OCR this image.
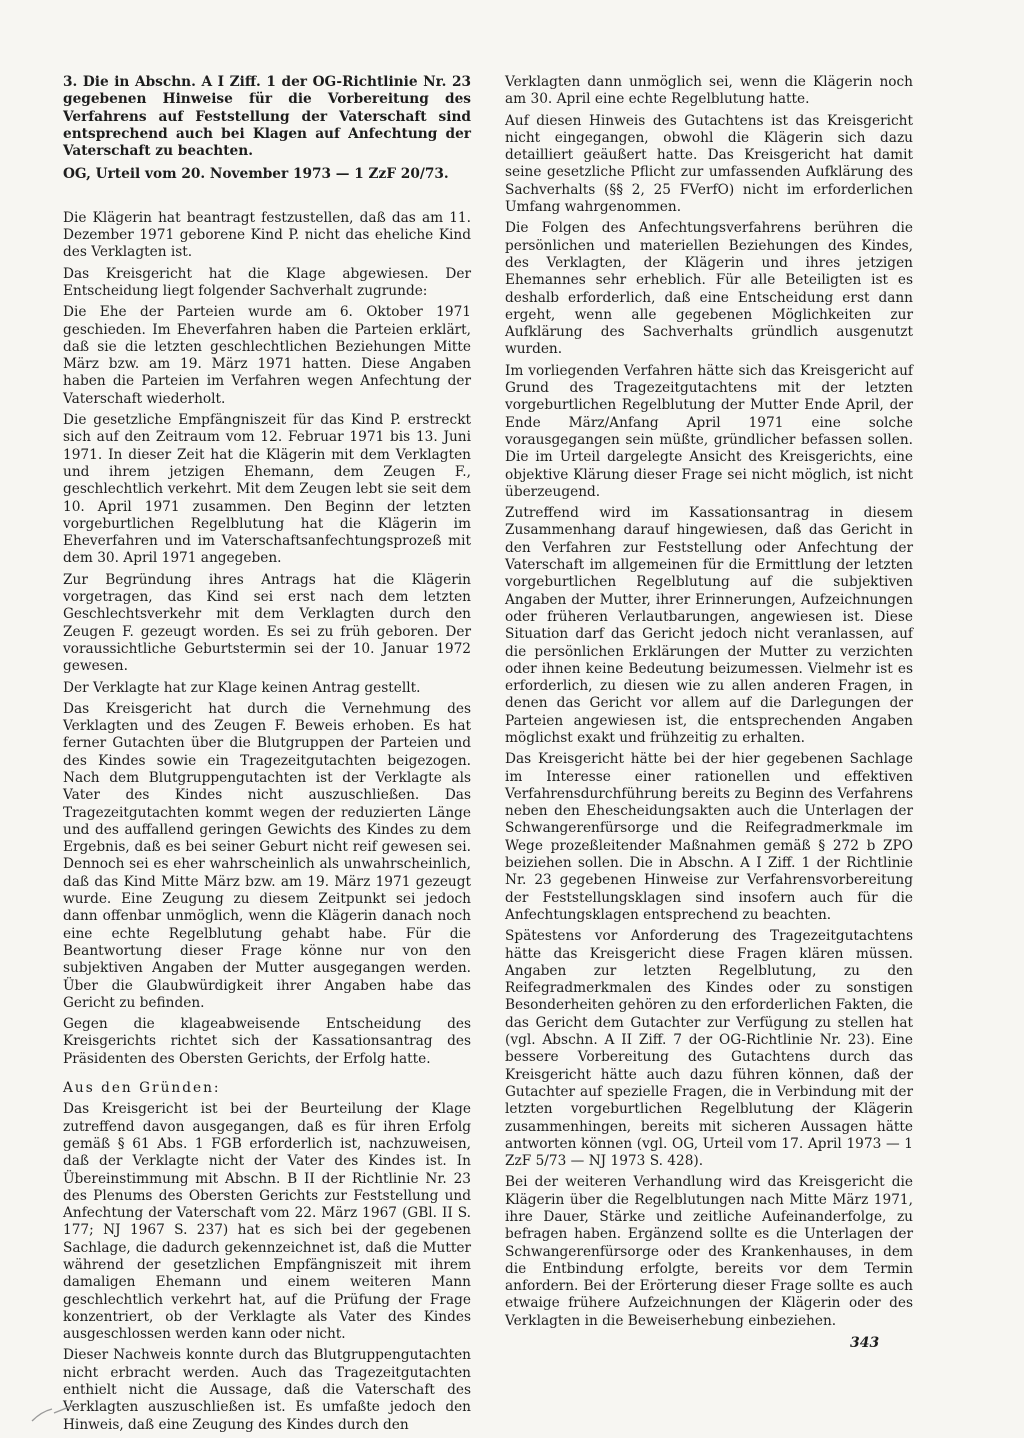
3. Die in Abschn. A I Ziff. 1 der OG-Richtlinie Nr. 23 gegebenen Hinweise für die Vorbereitung des Verfahrens auf Feststellung der Vaterschaft sind entsprechend auch bei Klagen auf Anfechtung der Vaterschaft zu beachten.

OG, Urteil vom 20. November 1973 — 1 ZzF 20/73.

Die Klägerin hat beantragt festzustellen, daß das am 11. Dezember 1971 geborene Kind P. nicht das eheliche Kind des Verklagten ist.

Das Kreisgericht hat die Klage abgewiesen. Der Entscheidung liegt folgender Sachverhalt zugrunde:

Die Ehe der Parteien wurde am 6. Oktober 1971 geschieden. Im Eheverfahren haben die Parteien erklärt, daß sie die letzten geschlechtlichen Beziehungen Mitte März bzw. am 19. März 1971 hatten. Diese Angaben haben die Parteien im Verfahren wegen Anfechtung der Vaterschaft wiederholt.

Die gesetzliche Empfängniszeit für das Kind P. erstreckt sich auf den Zeitraum vom 12. Februar 1971 bis 13. Juni 1971. In dieser Zeit hat die Klägerin mit dem Verklagten und ihrem jetzigen Ehemann, dem Zeugen F., geschlechtlich verkehrt. Mit dem Zeugen lebt sie seit dem 10. April 1971 zusammen. Den Beginn der letzten vorgeburtlichen Regelblutung hat die Klägerin im Eheverfahren und im Vaterschaftsanfechtungsprozeß mit dem 30. April 1971 angegeben.

Zur Begründung ihres Antrags hat die Klägerin vorgetragen, das Kind sei erst nach dem letzten Geschlechtsverkehr mit dem Verklagten durch den Zeugen F. gezeugt worden. Es sei zu früh geboren. Der voraussichtliche Geburtstermin sei der 10. Januar 1972 gewesen.

Der Verklagte hat zur Klage keinen Antrag gestellt.

Das Kreisgericht hat durch die Vernehmung des Verklagten und des Zeugen F. Beweis erhoben. Es hat ferner Gutachten über die Blutgruppen der Parteien und des Kindes sowie ein Tragezeitgutachten beigezogen. Nach dem Blutgruppengutachten ist der Verklagte als Vater des Kindes nicht auszuschließen. Das Tragezeitgutachten kommt wegen der reduzierten Länge und des auffallend geringen Gewichts des Kindes zu dem Ergebnis, daß es bei seiner Geburt nicht reif gewesen sei. Dennoch sei es eher wahrscheinlich als unwahrscheinlich, daß das Kind Mitte März bzw. am 19. März 1971 gezeugt wurde. Eine Zeugung zu diesem Zeitpunkt sei jedoch dann offenbar unmöglich, wenn die Klägerin danach noch eine echte Regelblutung gehabt habe. Für die Beantwortung dieser Frage könne nur von den subjektiven Angaben der Mutter ausgegangen werden. Über die Glaubwürdigkeit ihrer Angaben habe das Gericht zu befinden.

Gegen die klageabweisende Entscheidung des Kreisgerichts richtet sich der Kassationsantrag des Präsidenten des Obersten Gerichts, der Erfolg hatte.

Aus den Gründen:

Das Kreisgericht ist bei der Beurteilung der Klage zutreffend davon ausgegangen, daß es für ihren Erfolg gemäß § 61 Abs. 1 FGB erforderlich ist, nachzuweisen, daß der Verklagte nicht der Vater des Kindes ist. In Übereinstimmung mit Abschn. B II der Richtlinie Nr. 23 des Plenums des Obersten Gerichts zur Feststellung und Anfechtung der Vaterschaft vom 22. März 1967 (GBl. II S. 177; NJ 1967 S. 237) hat es sich bei der gegebenen Sachlage, die dadurch gekennzeichnet ist, daß die Mutter während der gesetzlichen Empfängniszeit mit ihrem damaligen Ehemann und einem weiteren Mann geschlechtlich verkehrt hat, auf die Prüfung der Frage konzentriert, ob der Verklagte als Vater des Kindes ausgeschlossen werden kann oder nicht.

Dieser Nachweis konnte durch das Blutgruppengutachten nicht erbracht werden. Auch das Tragezeitgutachten enthielt nicht die Aussage, daß die Vaterschaft des Verklagten auszuschließen ist. Es umfaßte jedoch den Hinweis, daß eine Zeugung des Kindes durch den

Verklagten dann unmöglich sei, wenn die Klägerin noch am 30. April eine echte Regelblutung hatte.

Auf diesen Hinweis des Gutachtens ist das Kreisgericht nicht eingegangen, obwohl die Klägerin sich dazu detailliert geäußert hatte. Das Kreisgericht hat damit seine gesetzliche Pflicht zur umfassenden Aufklärung des Sachverhalts (§§ 2, 25 FVerfO) nicht im erforderlichen Umfang wahrgenommen.

Die Folgen des Anfechtungsverfahrens berühren die persönlichen und materiellen Beziehungen des Kindes, des Verklagten, der Klägerin und ihres jetzigen Ehemannes sehr erheblich. Für alle Beteiligten ist es deshalb erforderlich, daß eine Entscheidung erst dann ergeht, wenn alle gegebenen Möglichkeiten zur Aufklärung des Sachverhalts gründlich ausgenutzt wurden.

Im vorliegenden Verfahren hätte sich das Kreisgericht auf Grund des Tragezeitgutachtens mit der letzten vorgeburtlichen Regelblutung der Mutter Ende April, der Ende März/Anfang April 1971 eine solche vorausgegangen sein müßte, gründlicher befassen sollen. Die im Urteil dargelegte Ansicht des Kreisgerichts, eine objektive Klärung dieser Frage sei nicht möglich, ist nicht überzeugend.

Zutreffend wird im Kassationsantrag in diesem Zusammenhang darauf hingewiesen, daß das Gericht in den Verfahren zur Feststellung oder Anfechtung der Vaterschaft im allgemeinen für die Ermittlung der letzten vorgeburtlichen Regelblutung auf die subjektiven Angaben der Mutter, ihrer Erinnerungen, Aufzeichnungen oder früheren Verlautbarungen, angewiesen ist. Diese Situation darf das Gericht jedoch nicht veranlassen, auf die persönlichen Erklärungen der Mutter zu verzichten oder ihnen keine Bedeutung beizumessen. Vielmehr ist es erforderlich, zu diesen wie zu allen anderen Fragen, in denen das Gericht vor allem auf die Darlegungen der Parteien angewiesen ist, die entsprechenden Angaben möglichst exakt und frühzeitig zu erhalten.

Das Kreisgericht hätte bei der hier gegebenen Sachlage im Interesse einer rationellen und effektiven Verfahrensdurchführung bereits zu Beginn des Verfahrens neben den Ehescheidungsakten auch die Unterlagen der Schwangerenfürsorge und die Reifegradmerkmale im Wege prozeßleitender Maßnahmen gemäß § 272 b ZPO beiziehen sollen. Die in Abschn. A I Ziff. 1 der Richtlinie Nr. 23 gegebenen Hinweise zur Verfahrensvorbereitung der Feststellungsklagen sind insofern auch für die Anfechtungsklagen entsprechend zu beachten.

Spätestens vor Anforderung des Tragezeitgutachtens hätte das Kreisgericht diese Fragen klären müssen. Angaben zur letzten Regelblutung, zu den Reifegradmerkmalen des Kindes oder zu sonstigen Besonderheiten gehören zu den erforderlichen Fakten, die das Gericht dem Gutachter zur Verfügung zu stellen hat (vgl. Abschn. A II Ziff. 7 der OG-Richtlinie Nr. 23). Eine bessere Vorbereitung des Gutachtens durch das Kreisgericht hätte auch dazu führen können, daß der Gutachter auf spezielle Fragen, die in Verbindung mit der letzten vorgeburtlichen Regelblutung der Klägerin zusammenhingen, bereits mit sicheren Aussagen hätte antworten können (vgl. OG, Urteil vom 17. April 1973 — 1 ZzF 5/73 — NJ 1973 S. 428).

Bei der weiteren Verhandlung wird das Kreisgericht die Klägerin über die Regelblutungen nach Mitte März 1971, ihre Dauer, Stärke und zeitliche Aufeinanderfolge, zu befragen haben. Ergänzend sollte es die Unterlagen der Schwangerenfürsorge oder des Krankenhauses, in dem die Entbindung erfolgte, bereits vor dem Termin anfordern. Bei der Erörterung dieser Frage sollte es auch etwaige frühere Aufzeichnungen der Klägerin oder des Verklagten in die Beweiserhebung einbeziehen.

343
